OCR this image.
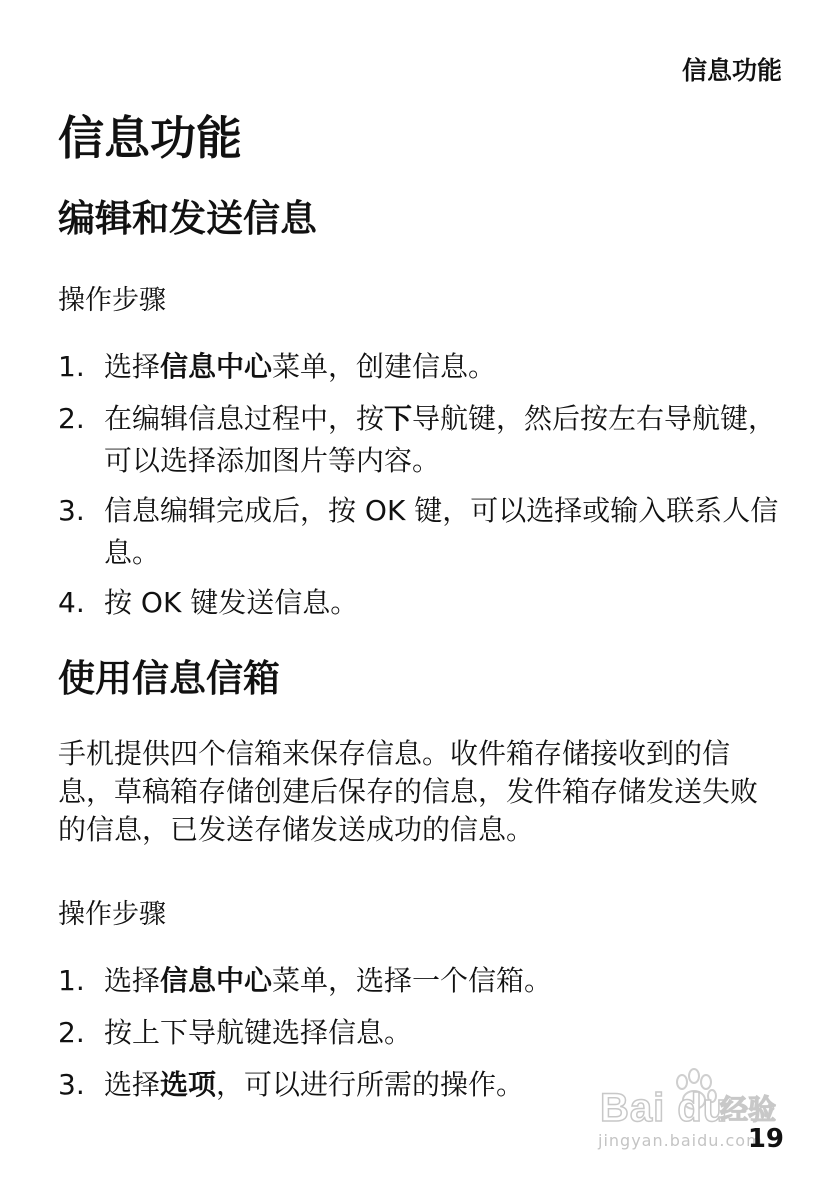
信息功能
信息功能
编辑和发送信息
操作步骤
1. 选择信息中心菜单，创建信息。
2. 在编辑信息过程中，按下导航键，然后按左右导航键，可以选择添加图片等内容。
3. 信息编辑完成后，按 OK 键，可以选择或输入联系人信息。
4. 按 OK 键发送信息。
使用信息信箱
手机提供四个信箱来保存信息。收件箱存储接收到的信息，草稿箱存储创建后保存的信息，发件箱存储发送失败的信息，已发送存储发送成功的信息。
操作步骤
1. 选择信息中心菜单，选择一个信箱。
2. 按上下导航键选择信息。
3. 选择选项，可以进行所需的操作。
Bai du
经验
jingyan.baidu.com
19
